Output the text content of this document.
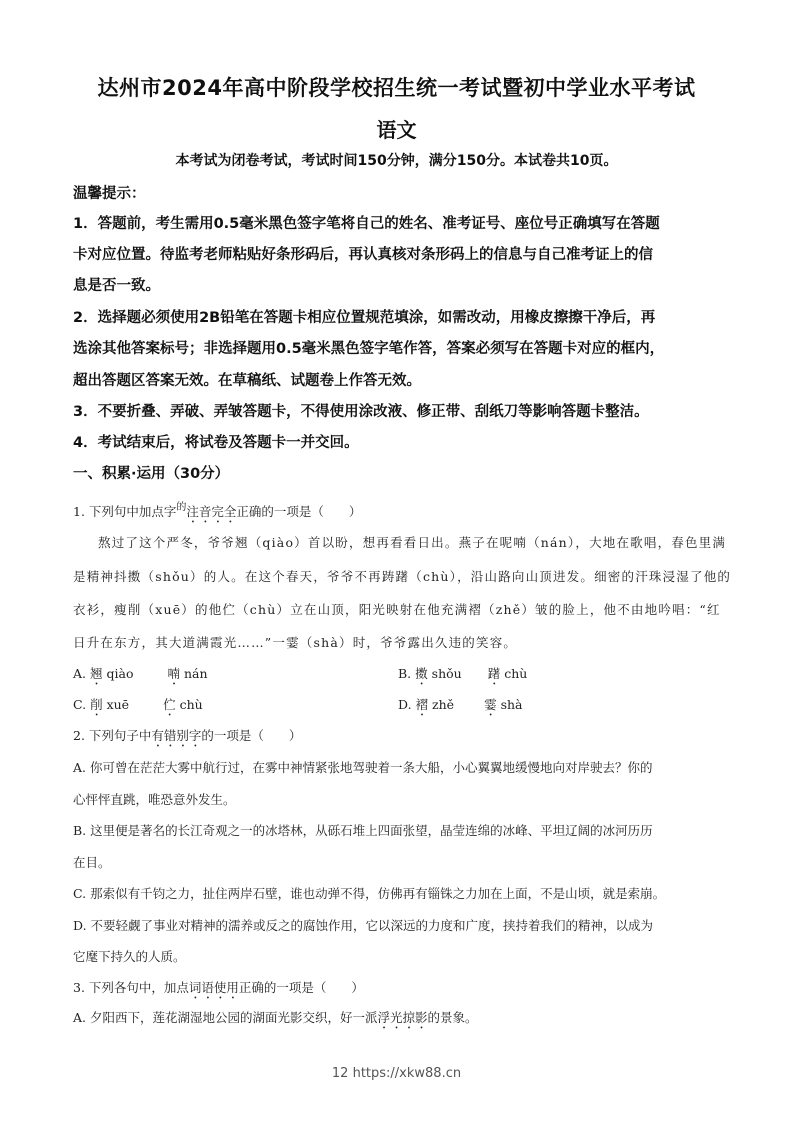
达州市2024年高中阶段学校招生统一考试暨初中学业水平考试
语文
本考试为闭卷考试，考试时间150分钟，满分150分。本试卷共10页。
温馨提示：
1．答题前，考生需用0.5毫米黑色签字笔将自己的姓名、准考证号、座位号正确填写在答题
卡对应位置。待监考老师粘贴好条形码后，再认真核对条形码上的信息与自己准考证上的信
息是否一致。
2．选择题必须使用2B铅笔在答题卡相应位置规范填涂，如需改动，用橡皮擦擦干净后，再
选涂其他答案标号；非选择题用0.5毫米黑色签字笔作答，答案必须写在答题卡对应的框内，
超出答题区答案无效。在草稿纸、试题卷上作答无效。
3．不要折叠、弄破、弄皱答题卡，不得使用涂改液、修正带、刮纸刀等影响答题卡整洁。
4．考试结束后，将试卷及答题卡一并交回。
一、积累·运用（30分）
1. 下列句中加点字$^的$注音完全正确的一项是（　　）
熬过了这个严冬，爷爷翘（qiào）首以盼，想再看看日出。燕子在呢喃（nán），大地在歌唱，春色里满
是精神抖擞（shǒu）的人。在这个春天，爷爷不再踌躇（chù），沿山路向山顶进发。细密的汗珠浸湿了他的
衣衫，瘦削（xuē）的他伫（chù）立在山顶，阳光映射在他充满褶（zhě）皱的脸上，他不由地吟唱：“红
日升在东方，其大道满霞光……”一霎（shà）时，爷爷露出久违的笑容。
A. 翘 qiào	喃 nán	B. 擞 shǒu 躇 chù
C. 削 xuē	伫 chù	D. 褶 zhě 霎 shà
2. 下列句子中有错别字的一项是（　　）
A. 你可曾在茫茫大雾中航行过，在雾中神情紧张地驾驶着一条大船，小心翼翼地缓慢地向对岸驶去？你的
心怦怦直跳，唯恐意外发生。
B. 这里便是著名的长江奇观之一的冰塔林，从砾石堆上四面张望，晶莹连绵的冰峰、平坦辽阔的冰河历历
在目。
C. 那索似有千钧之力，扯住两岸石壁，谁也动弹不得，仿佛再有锱铢之力加在上面，不是山顷，就是索崩。
D. 不要轻觑了事业对精神的濡养或反之的腐蚀作用，它以深远的力度和广度，挟持着我们的精神，以成为
它麾下持久的人质。
3. 下列各句中，加点词语使用正确的一项是（　　）
A. 夕阳西下，莲花湖湿地公园的湖面光影交织，好一派浮光掠影的景象。
12 https://xkw88.cn
